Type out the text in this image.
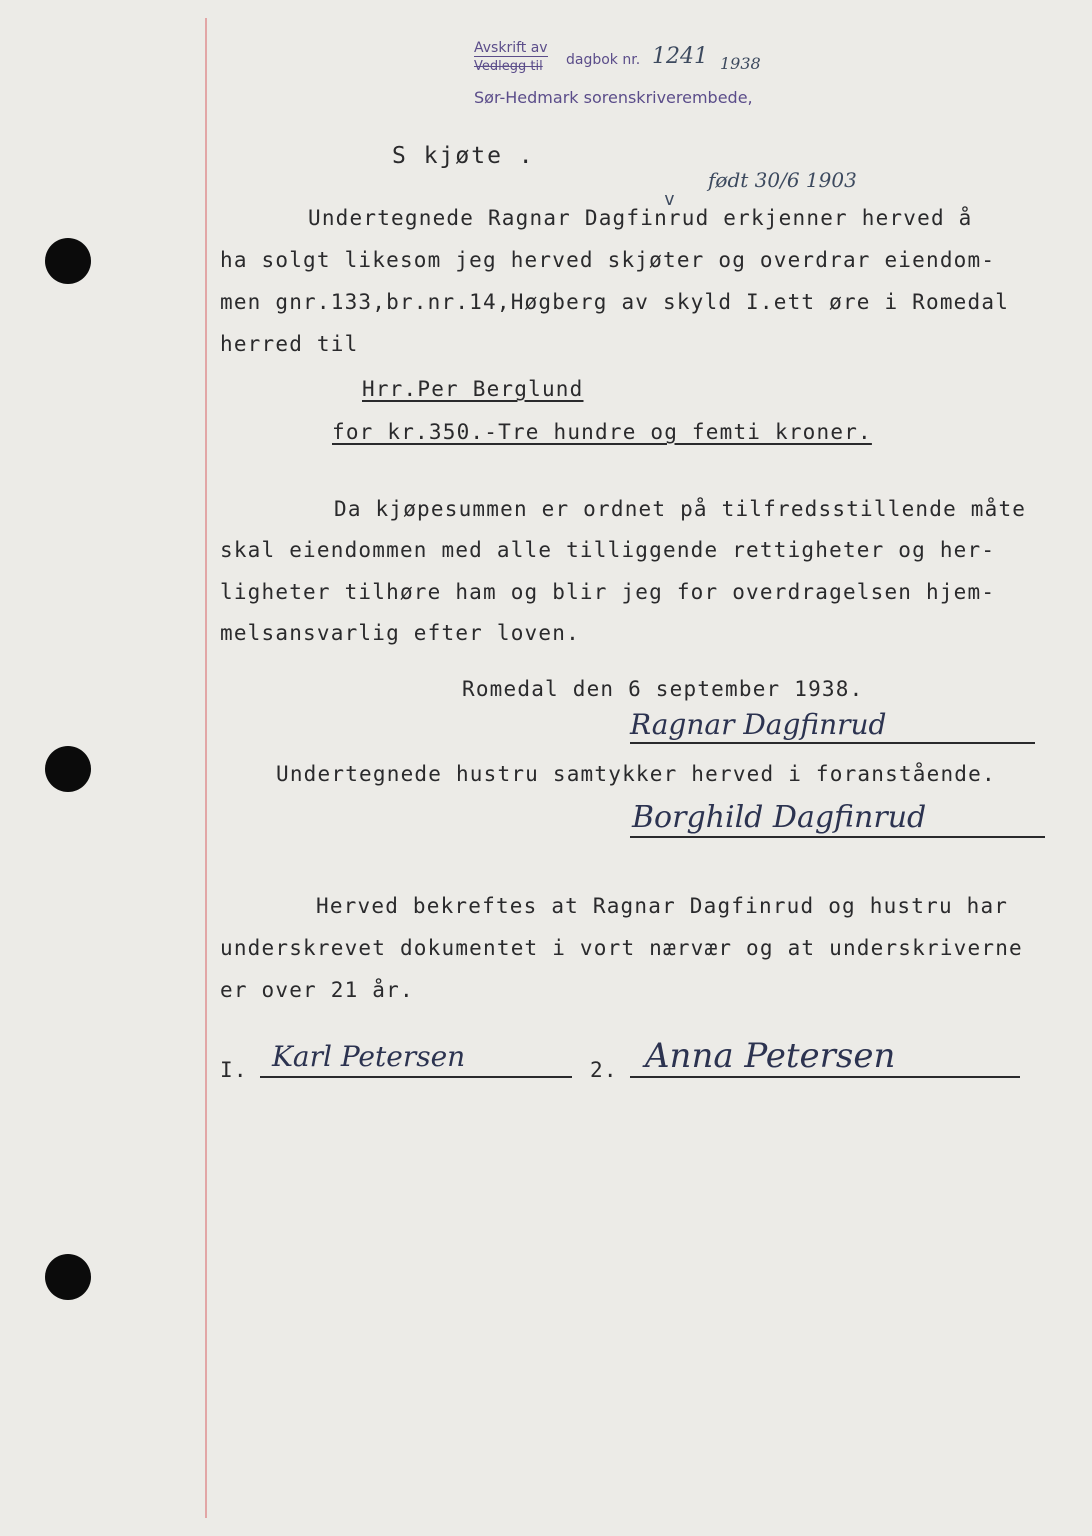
Avskrift av
Vedlegg til dagbok nr.
Sør-Hedmark sorenskriverembede,
1241 1938
født 30/6 1903
S kjøte .
Undertegnede Ragnar Dagfinrud erkjenner herved å
v
ha solgt likesom jeg herved skjøter og overdrar eiendom-
men gnr.133,br.nr.14,Høgberg av skyld I.ett øre i Romedal
herred til
Hrr.Per Berglund
for kr.350.-Tre hundre og femti kroner.
Da kjøpesummen er ordnet på tilfredsstillende måte
skal eiendommen med alle tilliggende rettigheter og her-
ligheter tilhøre ham og blir jeg for overdragelsen hjem-
melsansvarlig efter loven.
Romedal den 6 september 1938.
Ragnar Dagfinrud
Undertegnede hustru samtykker herved i foranstående.
Borghild Dagfinrud
Herved bekreftes at Ragnar Dagfinrud og hustru har
underskrevet dokumentet i vort nærvær og at underskriverne
er over 21 år.
I. Karl Petersen	2. Anna Petersen
